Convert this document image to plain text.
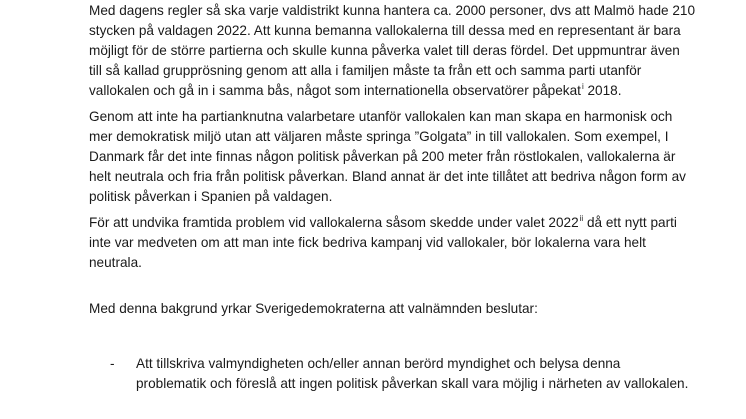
Med dagens regler så ska varje valdistrikt kunna hantera ca. 2000 personer, dvs att Malmö hade 210
stycken på valdagen 2022. Att kunna bemanna vallokalerna till dessa med en representant är bara
möjligt för de större partierna och skulle kunna påverka valet till deras fördel. Det uppmuntrar även
till så kallad grupprösning genom att alla i familjen måste ta från ett och samma parti utanför
vallokalen och gå in i samma bås, något som internationella observatörer påpekat$^i$ 2018.
Genom att inte ha partianknutna valarbetare utanför vallokalen kan man skapa en harmonisk och
mer demokratisk miljö utan att väljaren måste springa ”Golgata” in till vallokalen. Som exempel, I
Danmark får det inte finnas någon politisk påverkan på 200 meter från röstlokalen, vallokalerna är
helt neutrala och fria från politisk påverkan. Bland annat är det inte tillåtet att bedriva någon form av
politisk påverkan i Spanien på valdagen.
För att undvika framtida problem vid vallokalerna såsom skedde under valet 2022$^{ii}$ då ett nytt parti
inte var medveten om att man inte fick bedriva kampanj vid vallokaler, bör lokalerna vara helt
neutrala.
Med denna bakgrund yrkar Sverigedemokraterna att valnämnden beslutar:
- Att tillskriva valmyndigheten och/eller annan berörd myndighet och belysa denna
problematik och föreslå att ingen politisk påverkan skall vara möjlig i närheten av vallokalen.
